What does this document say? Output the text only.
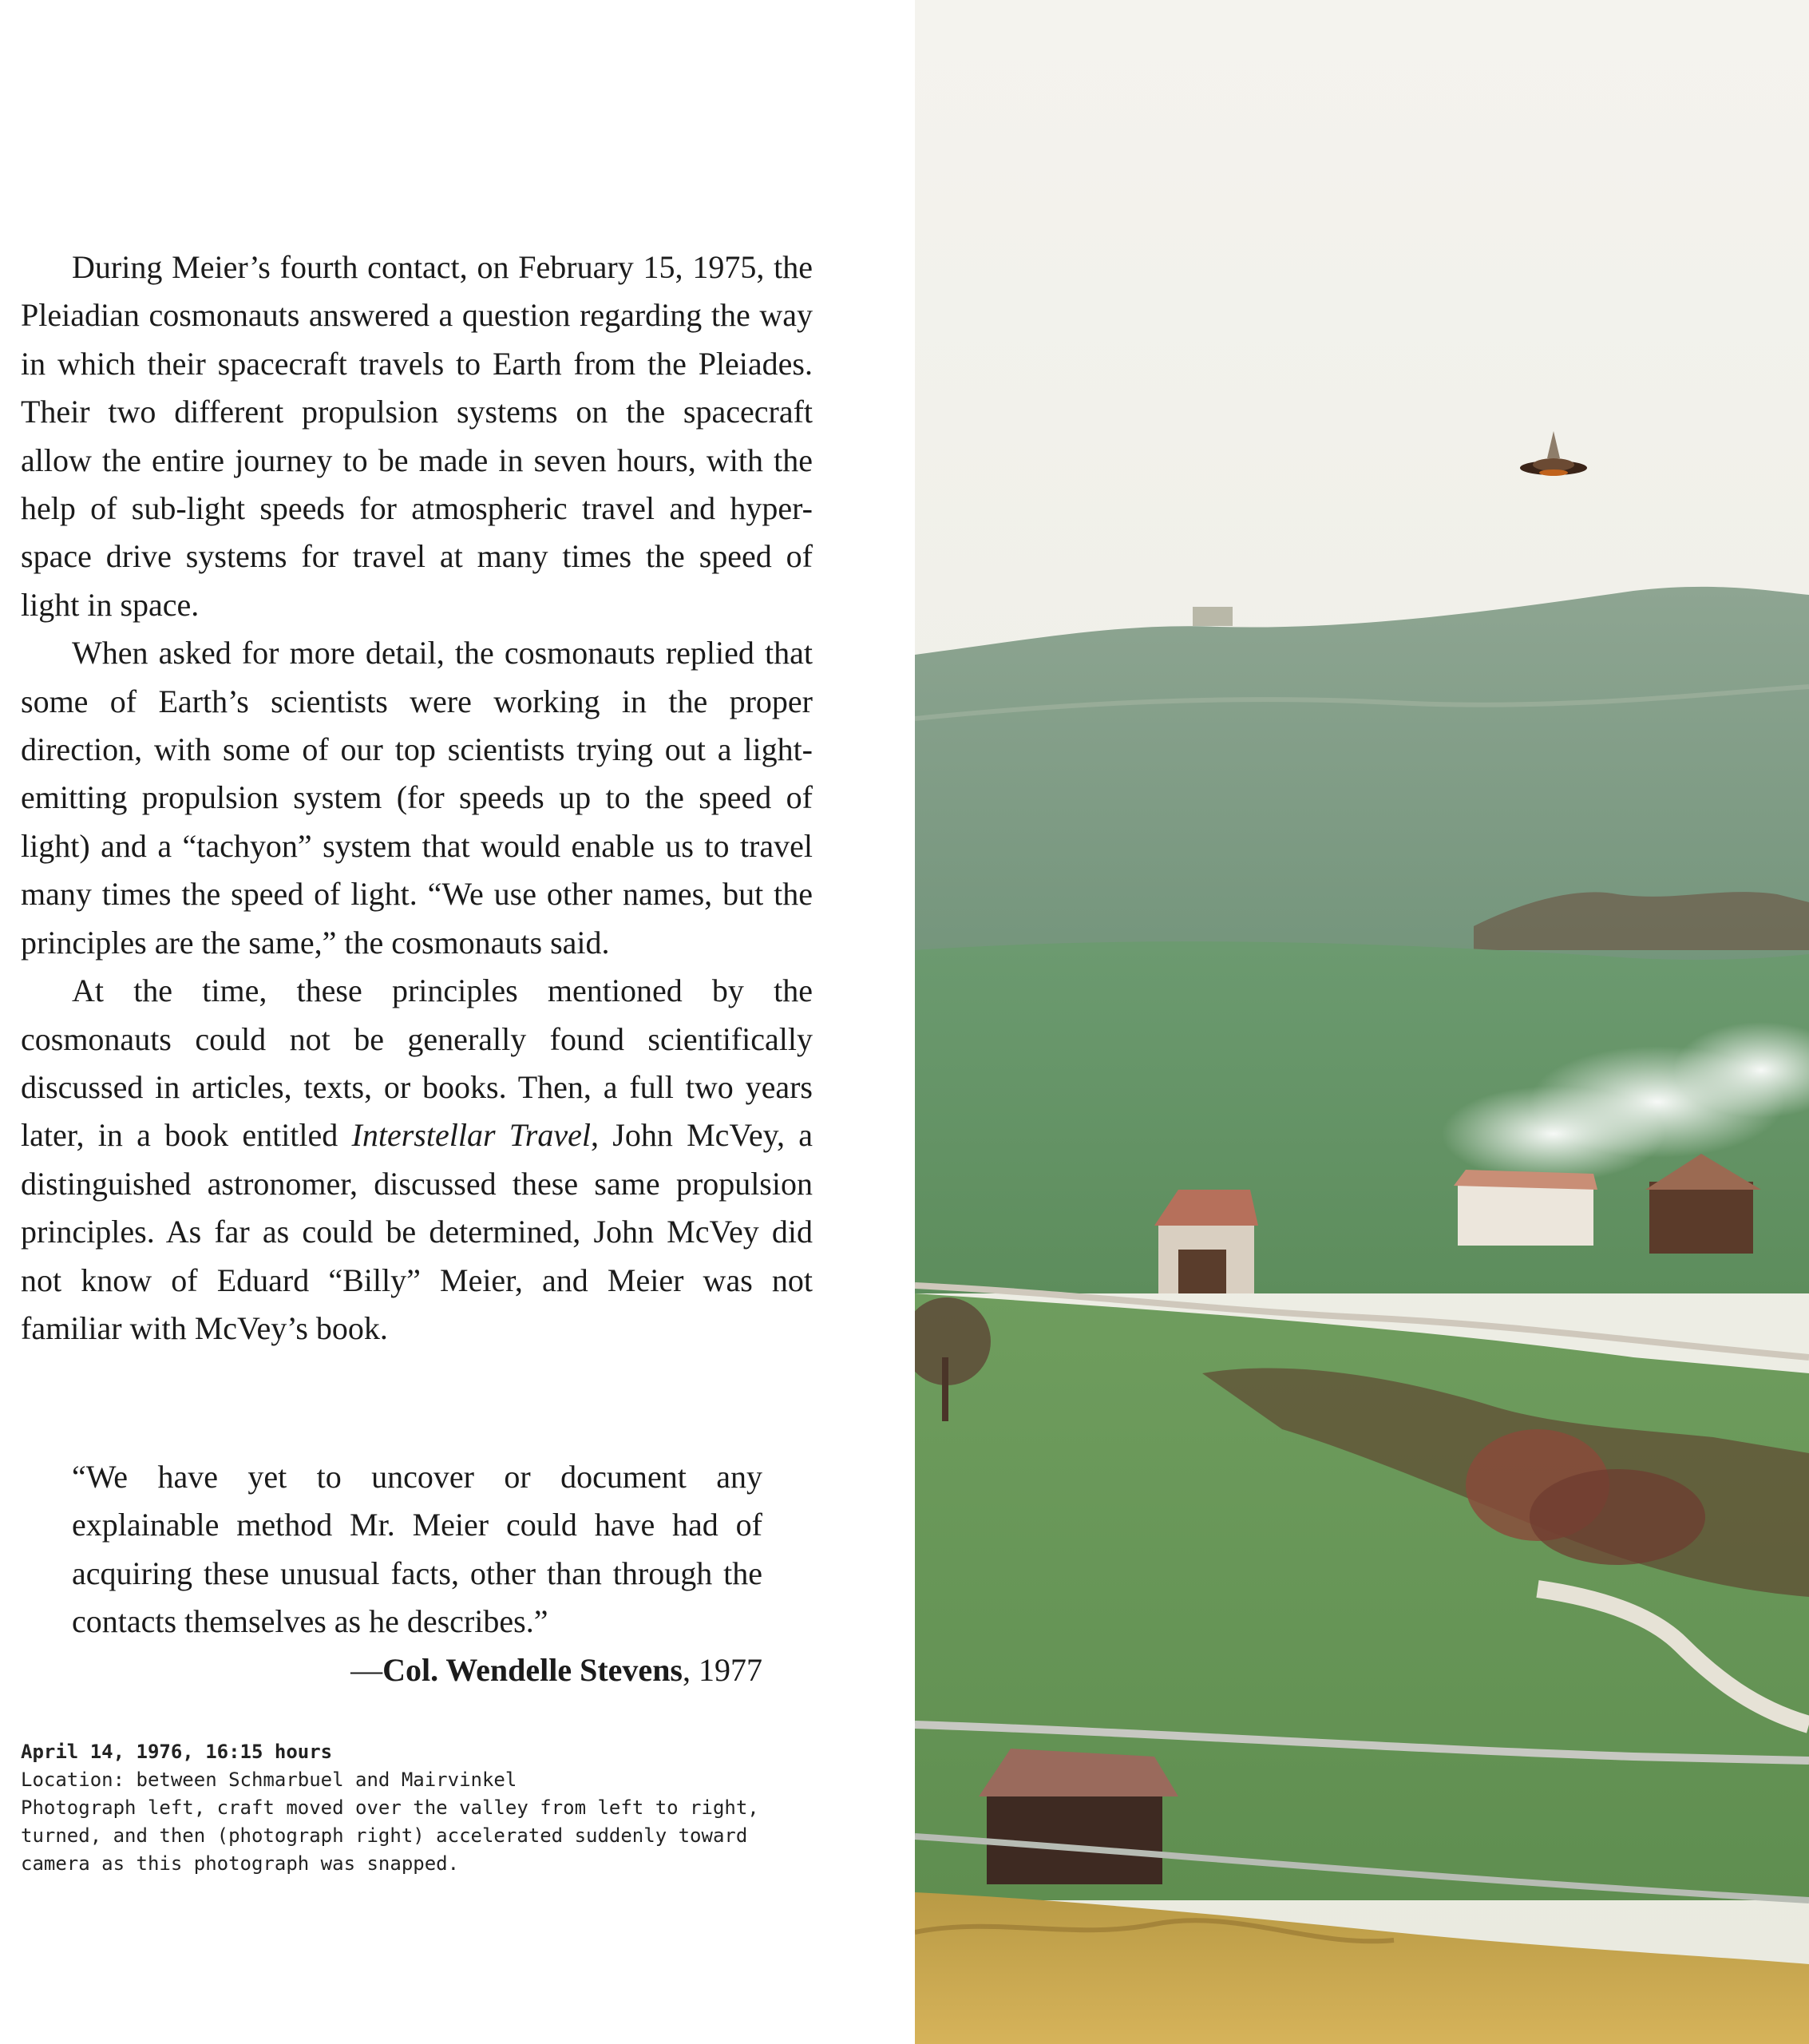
During Meier’s fourth contact, on February 15, 1975, the Pleiadian cosmonauts answered a question regarding the way in which their spacecraft travels to Earth from the Pleiades. Their two different propulsion systems on the spacecraft allow the entire journey to be made in seven hours, with the help of sub-light speeds for atmospheric travel and hyper-space drive systems for travel at many times the speed of light in space.

When asked for more detail, the cosmonauts replied that some of Earth’s scientists were working in the proper direction, with some of our top scientists trying out a light-emitting propulsion system (for speeds up to the speed of light) and a “tachyon” system that would enable us to travel many times the speed of light. “We use other names, but the principles are the same,” the cosmonauts said.

At the time, these principles mentioned by the cosmonauts could not be generally found scientifically discussed in articles, texts, or books. Then, a full two years later, in a book entitled Interstellar Travel, John McVey, a distinguished astronomer, discussed these same propulsion principles. As far as could be determined, John McVey did not know of Eduard “Billy” Meier, and Meier was not familiar with McVey’s book.

“We have yet to uncover or document any explainable method Mr. Meier could have had of acquiring these unusual facts, other than through the contacts themselves as he describes.”

—Col. Wendelle Stevens, 1977

April 14, 1976, 16:15 hours
Location: between Schmarbuel and Mairvinkel
Photograph left, craft moved over the valley from left to right, turned, and then (photograph right) accelerated suddenly toward camera as this photograph was snapped.
